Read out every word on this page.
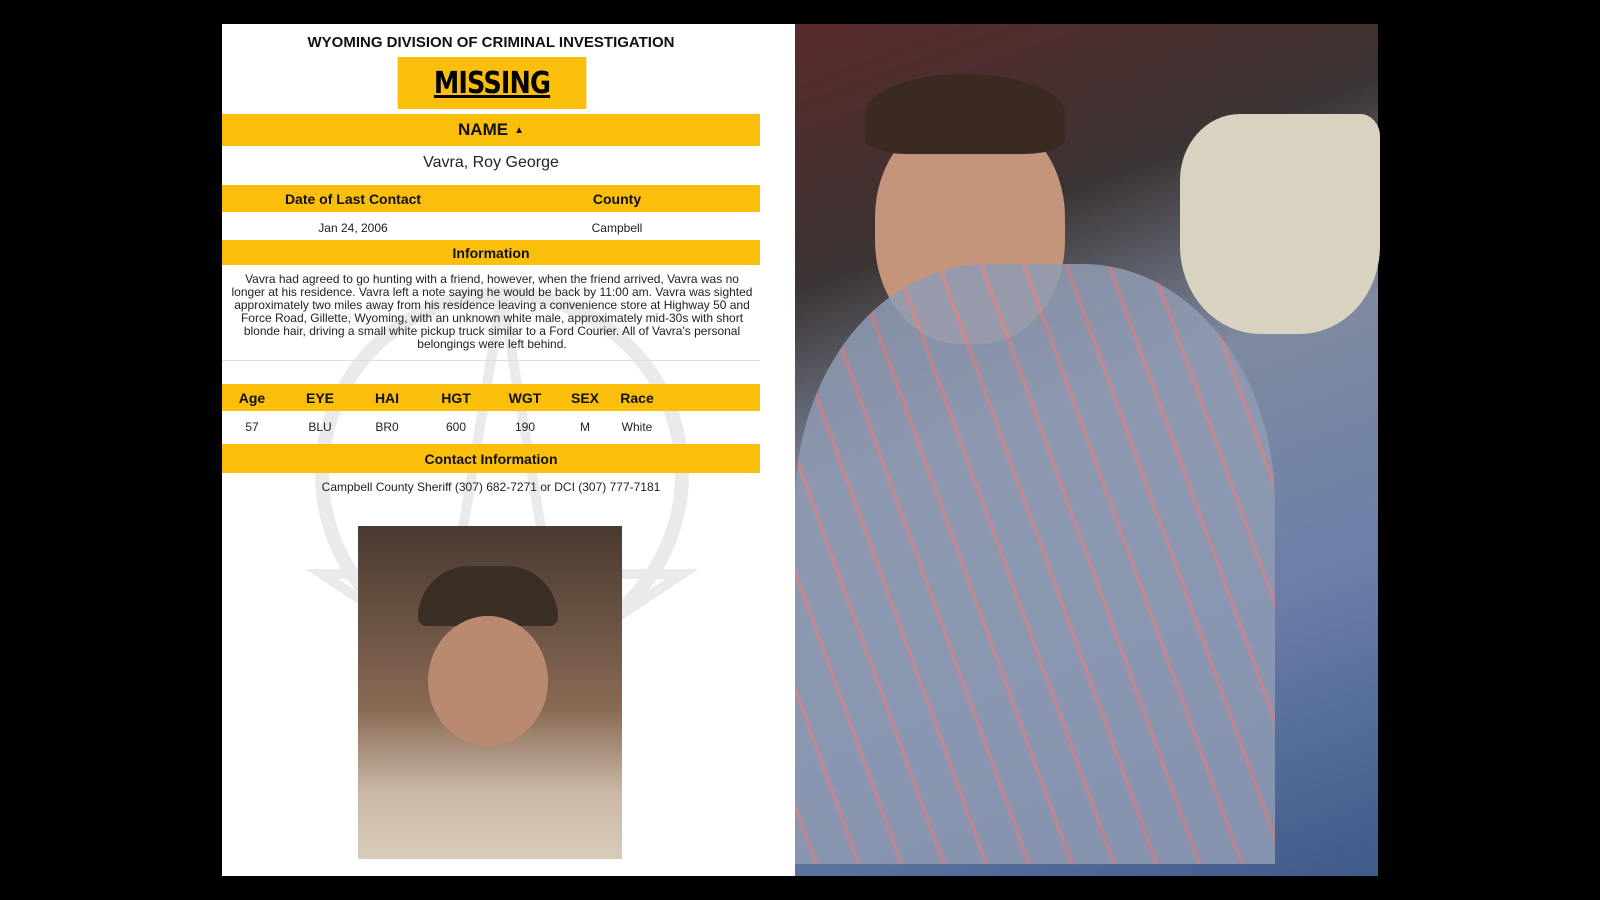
WYOMING DIVISION OF CRIMINAL INVESTIGATION
MISSING
NAME ▲
Vavra, Roy George
Date of Last Contact	County
Jan 24, 2006	Campbell
Information
Vavra had agreed to go hunting with a friend, however, when the friend arrived, Vavra was no longer at his residence. Vavra left a note saying he would be back by 11:00 am. Vavra was sighted approximately two miles away from his residence leaving a convenience store at Highway 50 and Force Road, Gillette, Wyoming, with an unknown white male, approximately mid-30s with short blonde hair, driving a small white pickup truck similar to a Ford Courier. All of Vavra's personal belongings were left behind.
Age	EYE	HAI	HGT	WGT	SEX	Race
57	BLU	BR0	600	190	M	White
Contact Information
Campbell County Sheriff (307) 682-7271 or DCI (307) 777-7181
